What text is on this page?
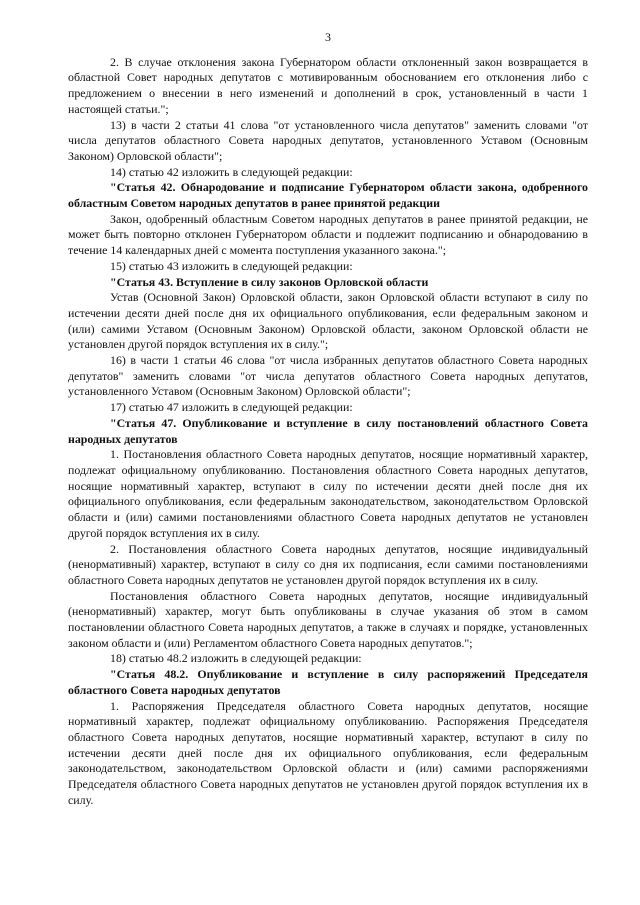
3

2. В случае отклонения закона Губернатором области отклоненный закон возвращается в областной Совет народных депутатов с мотивированным обоснованием его отклонения либо с предложением о внесении в него изменений и дополнений в срок, установленный в части 1 настоящей статьи.";

13) в части 2 статьи 41 слова "от установленного числа депутатов" заменить словами "от числа депутатов областного Совета народных депутатов, установленного Уставом (Основным Законом) Орловской области";

14) статью 42 изложить в следующей редакции:

"Статья 42. Обнародование и подписание Губернатором области закона, одобренного областным Советом народных депутатов в ранее принятой редакции

Закон, одобренный областным Советом народных депутатов в ранее принятой редакции, не может быть повторно отклонен Губернатором области и подлежит подписанию и обнародованию в течение 14 календарных дней с момента поступления указанного закона.";

15) статью 43 изложить в следующей редакции:

"Статья 43. Вступление в силу законов Орловской области

Устав (Основной Закон) Орловской области, закон Орловской области вступают в силу по истечении десяти дней после дня их официального опубликования, если федеральным законом и (или) самими Уставом (Основным Законом) Орловской области, законом Орловской области не установлен другой порядок вступления их в силу.";

16) в части 1 статьи 46 слова "от числа избранных депутатов областного Совета народных депутатов" заменить словами "от числа депутатов областного Совета народных депутатов, установленного Уставом (Основным Законом) Орловской области";

17) статью 47 изложить в следующей редакции:

"Статья 47. Опубликование и вступление в силу постановлений областного Совета народных депутатов

1. Постановления областного Совета народных депутатов, носящие нормативный характер, подлежат официальному опубликованию. Постановления областного Совета народных депутатов, носящие нормативный характер, вступают в силу по истечении десяти дней после дня их официального опубликования, если федеральным законодательством, законодательством Орловской области и (или) самими постановлениями областного Совета народных депутатов не установлен другой порядок вступления их в силу.

2. Постановления областного Совета народных депутатов, носящие индивидуальный (ненормативный) характер, вступают в силу со дня их подписания, если самими постановлениями областного Совета народных депутатов не установлен другой порядок вступления их в силу.

Постановления областного Совета народных депутатов, носящие индивидуальный (ненормативный) характер, могут быть опубликованы в случае указания об этом в самом постановлении областного Совета народных депутатов, а также в случаях и порядке, установленных законом области и (или) Регламентом областного Совета народных депутатов.";

18) статью 48.2 изложить в следующей редакции:

"Статья 48.2. Опубликование и вступление в силу распоряжений Председателя областного Совета народных депутатов

1. Распоряжения Председателя областного Совета народных депутатов, носящие нормативный характер, подлежат официальному опубликованию. Распоряжения Председателя областного Совета народных депутатов, носящие нормативный характер, вступают в силу по истечении десяти дней после дня их официального опубликования, если федеральным законодательством, законодательством Орловской области и (или) самими распоряжениями Председателя областного Совета народных депутатов не установлен другой порядок вступления их в силу.
